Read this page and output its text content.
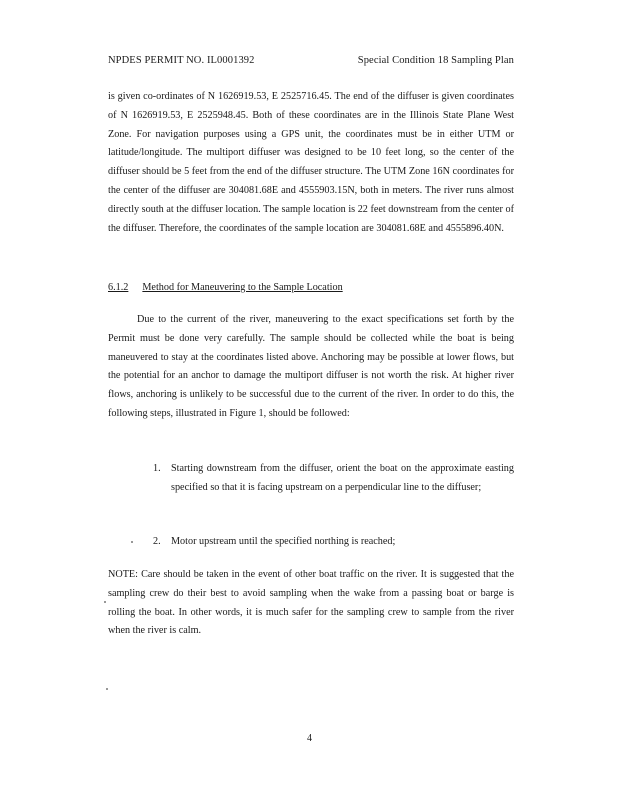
NPDES PERMIT NO. IL0001392	Special Condition 18 Sampling Plan
is given co-ordinates of N 1626919.53, E 2525716.45. The end of the diffuser is given coordinates of N 1626919.53, E 2525948.45. Both of these coordinates are in the Illinois State Plane West Zone. For navigation purposes using a GPS unit, the coordinates must be in either UTM or latitude/longitude. The multiport diffuser was designed to be 10 feet long, so the center of the diffuser should be 5 feet from the end of the diffuser structure. The UTM Zone 16N coordinates for the center of the diffuser are 304081.68E and 4555903.15N, both in meters. The river runs almost directly south at the diffuser location. The sample location is 22 feet downstream from the center of the diffuser. Therefore, the coordinates of the sample location are 304081.68E and 4555896.40N.
6.1.2 Method for Maneuvering to the Sample Location
Due to the current of the river, maneuvering to the exact specifications set forth by the Permit must be done very carefully. The sample should be collected while the boat is being maneuvered to stay at the coordinates listed above. Anchoring may be possible at lower flows, but the potential for an anchor to damage the multiport diffuser is not worth the risk. At higher river flows, anchoring is unlikely to be successful due to the current of the river. In order to do this, the following steps, illustrated in Figure 1, should be followed:
1. Starting downstream from the diffuser, orient the boat on the approximate easting specified so that it is facing upstream on a perpendicular line to the diffuser;
2. Motor upstream until the specified northing is reached;
NOTE: Care should be taken in the event of other boat traffic on the river. It is suggested that the sampling crew do their best to avoid sampling when the wake from a passing boat or barge is rolling the boat. In other words, it is much safer for the sampling crew to sample from the river when the river is calm.
4
